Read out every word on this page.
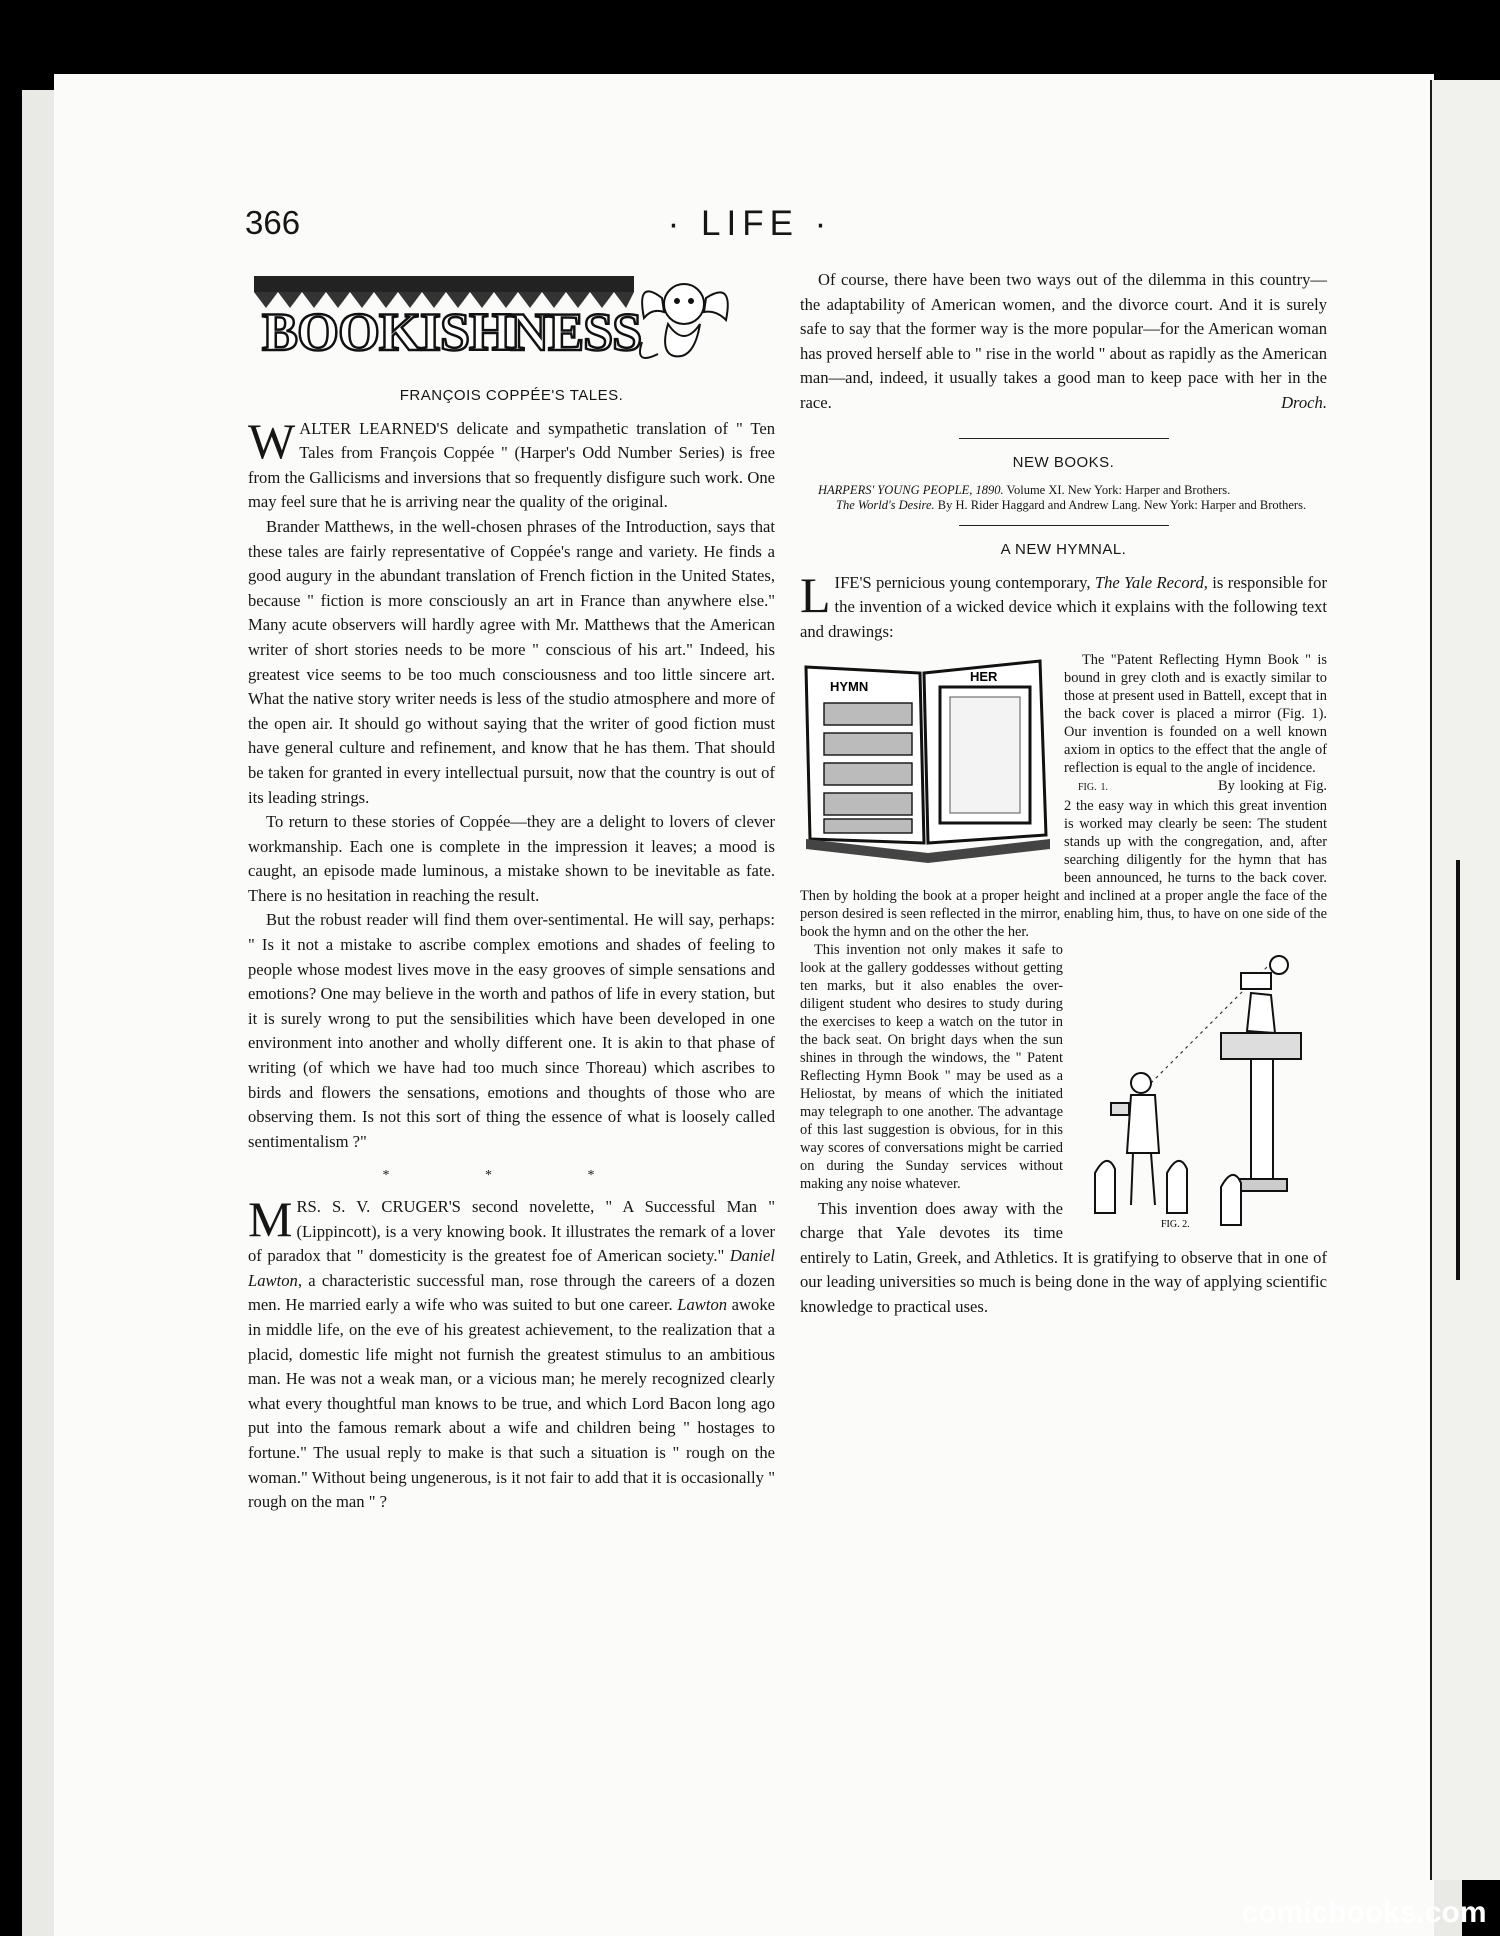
366	· LIFE ·
BOOKISHNESS
FRANÇOIS COPPÉE'S TALES.

WALTER LEARNED'S delicate and sympathetic translation of " Ten Tales from François Coppée " (Harper's Odd Number Series) is free from the Gallicisms and inversions that so frequently disfigure such work. One may feel sure that he is arriving near the quality of the original.

Brander Matthews, in the well-chosen phrases of the Introduction, says that these tales are fairly representative of Coppée's range and variety. He finds a good augury in the abundant translation of French fiction in the United States, because " fiction is more consciously an art in France than anywhere else." Many acute observers will hardly agree with Mr. Matthews that the American writer of short stories needs to be more " conscious of his art." Indeed, his greatest vice seems to be too much consciousness and too little sincere art. What the native story writer needs is less of the studio atmosphere and more of the open air. It should go without saying that the writer of good fiction must have general culture and refinement, and know that he has them. That should be taken for granted in every intellectual pursuit, now that the country is out of its leading strings.

To return to these stories of Coppée—they are a delight to lovers of clever workmanship. Each one is complete in the impression it leaves; a mood is caught, an episode made luminous, a mistake shown to be inevitable as fate. There is no hesitation in reaching the result.

But the robust reader will find them over-sentimental. He will say, perhaps: " Is it not a mistake to ascribe complex emotions and shades of feeling to people whose modest lives move in the easy grooves of simple sensations and emotions? One may believe in the worth and pathos of life in every station, but it is surely wrong to put the sensibilities which have been developed in one environment into another and wholly different one. It is akin to that phase of writing (of which we have had too much since Thoreau) which ascribes to birds and flowers the sensations, emotions and thoughts of those who are observing them. Is not this sort of thing the essence of what is loosely called sentimentalism ?"

* * *

MRS. S. V. CRUGER'S second novelette, " A Successful Man " (Lippincott), is a very knowing book. It illustrates the remark of a lover of paradox that " domesticity is the greatest foe of American society." Daniel Lawton, a characteristic successful man, rose through the careers of a dozen men. He married early a wife who was suited to but one career. Lawton awoke in middle life, on the eve of his greatest achievement, to the realization that a placid, domestic life might not furnish the greatest stimulus to an ambitious man. He was not a weak man, or a vicious man; he merely recognized clearly what every thoughtful man knows to be true, and which Lord Bacon long ago put into the famous remark about a wife and children being " hostages to fortune." The usual reply to make is that such a situation is " rough on the woman." Without being ungenerous, is it not fair to add that it is occasionally " rough on the man " ?

Of course, there have been two ways out of the dilemma in this country—the adaptability of American women, and the divorce court. And it is surely safe to say that the former way is the more popular—for the American woman has proved herself able to " rise in the world " about as rapidly as the American man—and, indeed, it usually takes a good man to keep pace with her in the race.	Droch.

NEW BOOKS.

HARPERS' YOUNG PEOPLE, 1890. Volume XI. New York: Harper and Brothers.

The World's Desire. By H. Rider Haggard and Andrew Lang. New York: Harper and Brothers.

A NEW HYMNAL.

LIFE'S pernicious young contemporary, The Yale Record, is responsible for the invention of a wicked device which it explains with the following text and drawings:

HYMN
HER

The "Patent Reflecting Hymn Book " is bound in grey cloth and is exactly similar to those at present used in Battell, except that in the back cover is placed a mirror (Fig. 1). Our invention is founded on a well known axiom in optics to the effect that the angle of reflection is equal to the angle of incidence.

FIG. 1.	By looking at Fig. 2 the easy way in which this great invention is worked may clearly be seen: The student stands up with the congregation, and, after searching diligently for the hymn that has been announced, he turns to the back cover. Then by holding the book at a proper height and inclined at a proper angle the face of the person desired is seen reflected in the mirror, enabling him, thus, to have on one side of the book the hymn and on the other the her.

FIG. 2.

This invention not only makes it safe to look at the gallery goddesses without getting ten marks, but it also enables the over-diligent student who desires to study during the exercises to keep a watch on the tutor in the back seat. On bright days when the sun shines in through the windows, the " Patent Reflecting Hymn Book " may be used as a Heliostat, by means of which the initiated may telegraph to one another. The advantage of this last suggestion is obvious, for in this way scores of conversations might be carried on during the Sunday services without making any noise whatever.

This invention does away with the charge that Yale devotes its time entirely to Latin, Greek, and Athletics. It is gratifying to observe that in one of our leading universities so much is being done in the way of applying scientific knowledge to practical uses.

comicbooks.com
